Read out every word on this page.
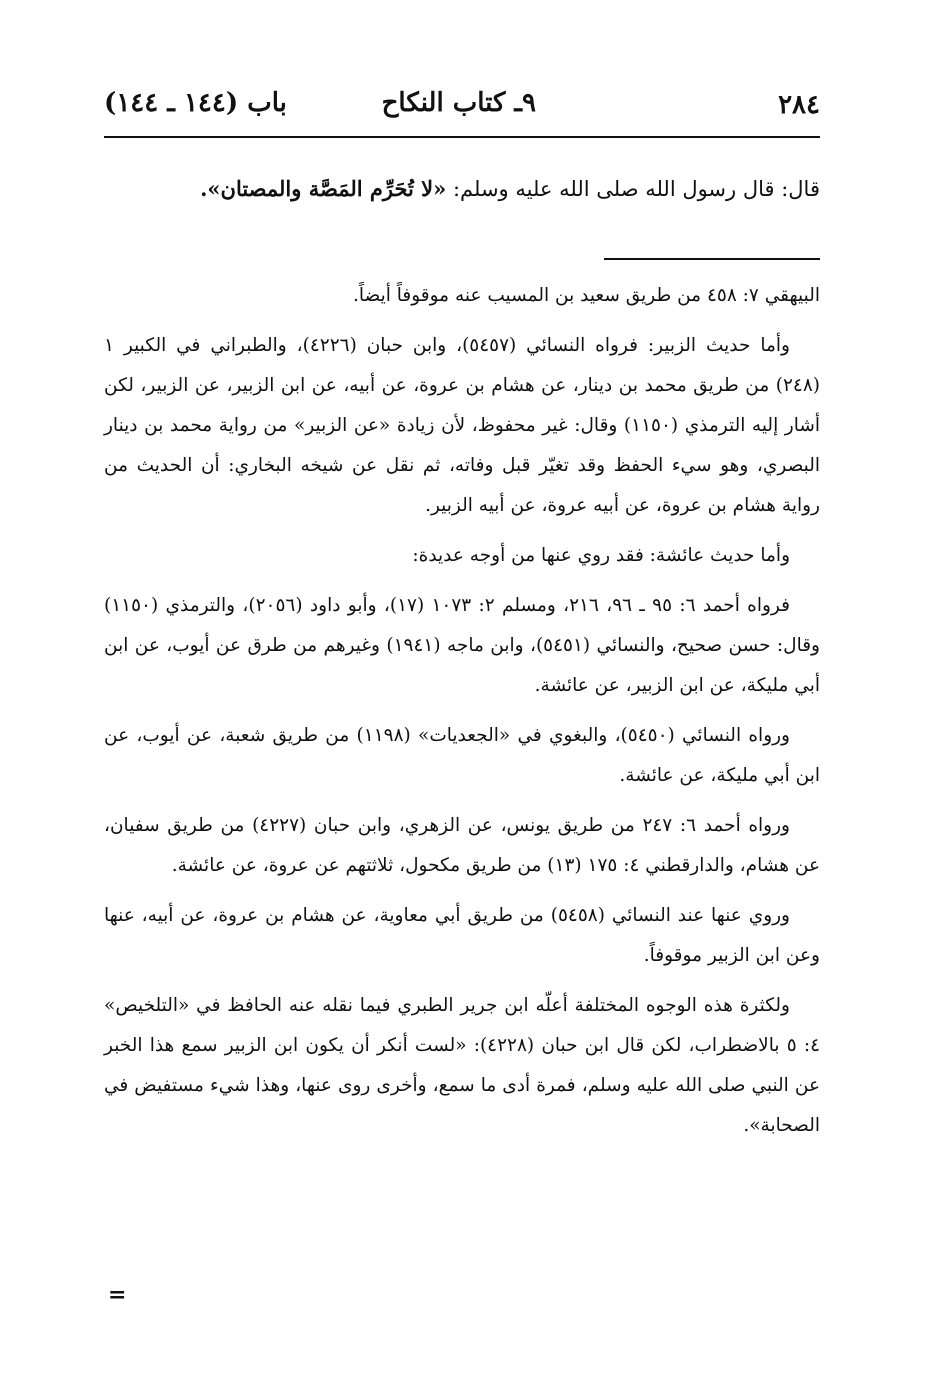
٢٨٤
٩ـ كتاب النكاح
باب (١٤٤ ـ ١٤٤)
قال: قال رسول الله صلى الله عليه وسلم: «لا تُحَرِّم المَصَّة والمصتان».

البيهقي ٧: ٤٥٨ من طريق سعيد بن المسيب عنه موقوفاً أيضاً.

وأما حديث الزبير: فرواه النسائي (٥٤٥٧)، وابن حبان (٤٢٢٦)، والطبراني في الكبير ١ (٢٤٨) من طريق محمد بن دينار، عن هشام بن عروة، عن أبيه، عن ابن الزبير، عن الزبير، لكن أشار إليه الترمذي (١١٥٠) وقال: غير محفوظ، لأن زيادة «عن الزبير» من رواية محمد بن دينار البصري، وهو سيء الحفظ وقد تغيّر قبل وفاته، ثم نقل عن شيخه البخاري: أن الحديث من رواية هشام بن عروة، عن أبيه عروة، عن أبيه الزبير.

وأما حديث عائشة: فقد روي عنها من أوجه عديدة:

فرواه أحمد ٦: ٩٥ ـ ٩٦، ٢١٦، ومسلم ٢: ١٠٧٣ (١٧)، وأبو داود (٢٠٥٦)، والترمذي (١١٥٠) وقال: حسن صحيح، والنسائي (٥٤٥١)، وابن ماجه (١٩٤١) وغيرهم من طرق عن أيوب، عن ابن أبي مليكة، عن ابن الزبير، عن عائشة.

ورواه النسائي (٥٤٥٠)، والبغوي في «الجعديات» (١١٩٨) من طريق شعبة، عن أيوب، عن ابن أبي مليكة، عن عائشة.

ورواه أحمد ٦: ٢٤٧ من طريق يونس، عن الزهري، وابن حبان (٤٢٢٧) من طريق سفيان، عن هشام، والدارقطني ٤: ١٧٥ (١٣) من طريق مكحول، ثلاثتهم عن عروة، عن عائشة.

وروي عنها عند النسائي (٥٤٥٨) من طريق أبي معاوية، عن هشام بن عروة، عن أبيه، عنها وعن ابن الزبير موقوفاً.

ولكثرة هذه الوجوه المختلفة أعلّه ابن جرير الطبري فيما نقله عنه الحافظ في «التلخيص» ٤: ٥ بالاضطراب، لكن قال ابن حبان (٤٢٢٨): «لست أنكر أن يكون ابن الزبير سمع هذا الخبر عن النبي صلى الله عليه وسلم، فمرة أدى ما سمع، وأخرى روى عنها، وهذا شيء مستفيض في الصحابة».

=
